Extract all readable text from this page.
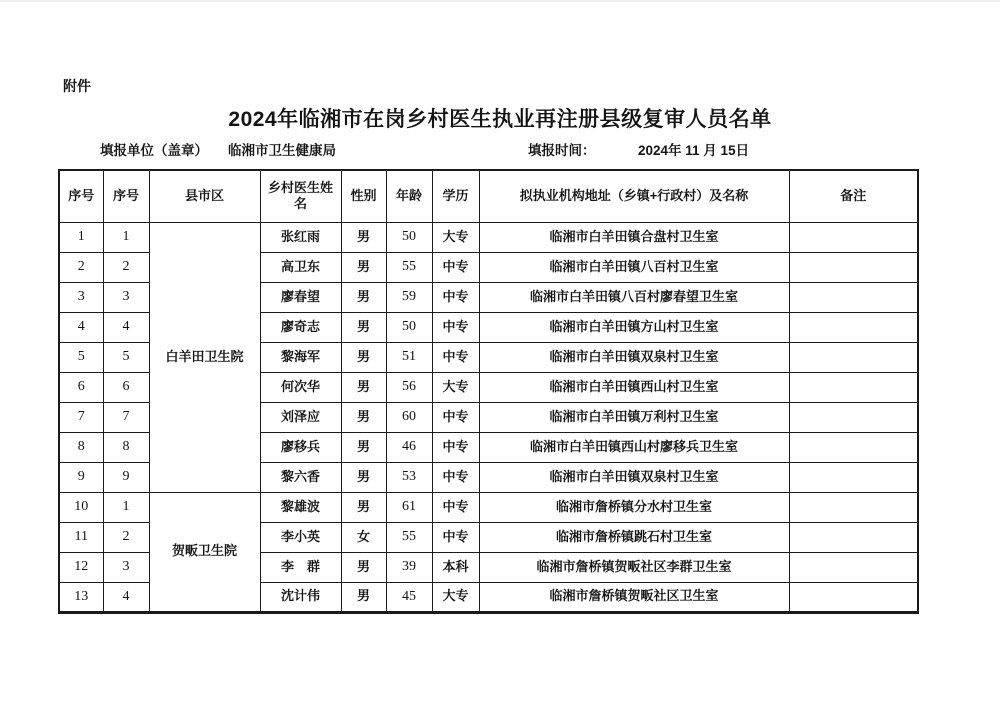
附件
2024年临湘市在岗乡村医生执业再注册县级复审人员名单
填报单位（盖章） 临湘市卫生健康局	填报时间：	2024年 11 月 15日
序号	序号	县市区	乡村医生姓名	性别	年龄	学历	拟执业机构地址（乡镇+行政村）及名称	备注
1	1	白羊田卫生院	张红雨	男	50	大专	临湘市白羊田镇合盘村卫生室	
2	2		高卫东	男	55	中专	临湘市白羊田镇八百村卫生室	
3	3		廖春望	男	59	中专	临湘市白羊田镇八百村廖春望卫生室	
4	4		廖奇志	男	50	中专	临湘市白羊田镇方山村卫生室	
5	5		黎海军	男	51	中专	临湘市白羊田镇双泉村卫生室	
6	6		何次华	男	56	大专	临湘市白羊田镇西山村卫生室	
7	7		刘泽应	男	60	中专	临湘市白羊田镇万利村卫生室	
8	8		廖移兵	男	46	中专	临湘市白羊田镇西山村廖移兵卫生室	
9	9		黎六香	男	53	中专	临湘市白羊田镇双泉村卫生室	
10	1	贺畈卫生院	黎雄波	男	61	中专	临湘市詹桥镇分水村卫生室	
11	2		李小英	女	55	中专	临湘市詹桥镇跳石村卫生室	
12	3		李　群	男	39	本科	临湘市詹桥镇贺畈社区李群卫生室	
13	4		沈计伟	男	45	大专	临湘市詹桥镇贺畈社区卫生室	
